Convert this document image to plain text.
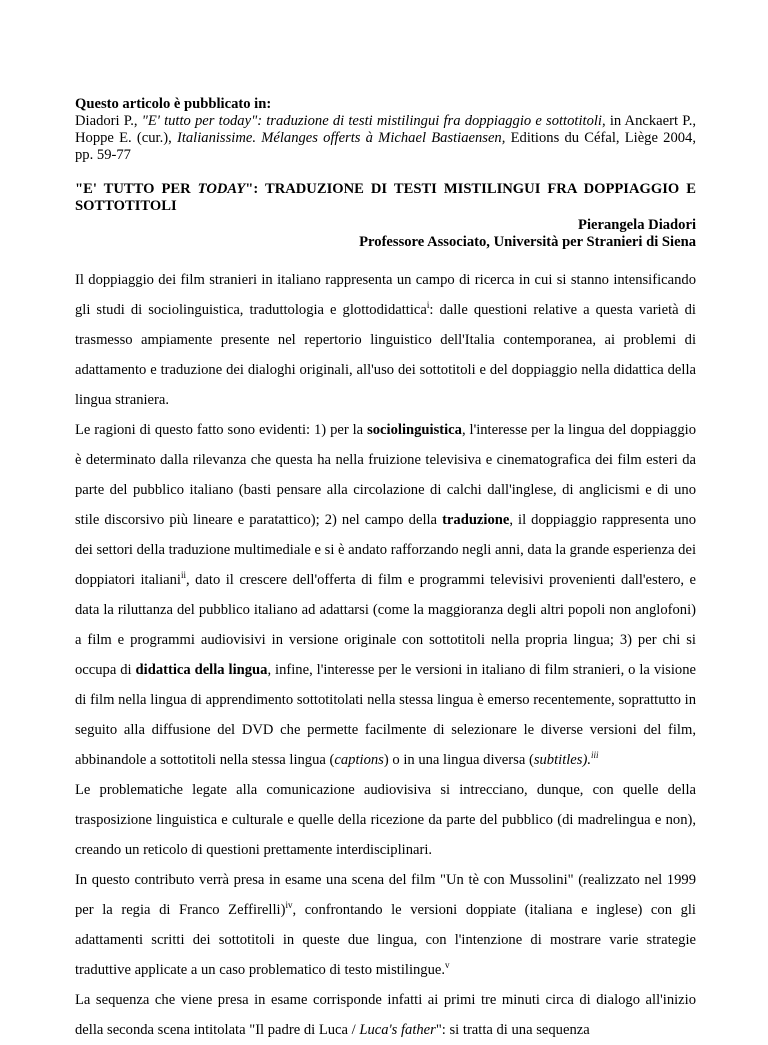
Questo articolo è pubblicato in:

Diadori P., "E' tutto per today": traduzione di testi mistilingui fra doppiaggio e sottotitoli, in Anckaert P., Hoppe E. (cur.), Italianissime. Mélanges offerts à Michael Bastiaensen, Editions du Céfal, Liège 2004, pp. 59-77

"E' TUTTO PER TODAY": TRADUZIONE DI TESTI MISTILINGUI FRA DOPPIAGGIO E SOTTOTITOLI
Pierangela Diadori
Professore Associato, Università per Stranieri di Siena

Il doppiaggio dei film stranieri in italiano rappresenta un campo di ricerca in cui si stanno intensificando gli studi di sociolinguistica, traduttologia e glottodidattica$^i$: dalle questioni relative a questa varietà di trasmesso ampiamente presente nel repertorio linguistico dell'Italia contemporanea, ai problemi di adattamento e traduzione dei dialoghi originali, all'uso dei sottotitoli e del doppiaggio nella didattica della lingua straniera.

Le ragioni di questo fatto sono evidenti: 1) per la sociolinguistica, l'interesse per la lingua del doppiaggio è determinato dalla rilevanza che questa ha nella fruizione televisiva e cinematografica dei film esteri da parte del pubblico italiano (basti pensare alla circolazione di calchi dall'inglese, di anglicismi e di uno stile discorsivo più lineare e paratattico); 2) nel campo della traduzione, il doppiaggio rappresenta uno dei settori della traduzione multimediale e si è andato rafforzando negli anni, data la grande esperienza dei doppiatori italiani$^{ii}$, dato il crescere dell'offerta di film e programmi televisivi provenienti dall'estero, e data la riluttanza del pubblico italiano ad adattarsi (come la maggioranza degli altri popoli non anglofoni) a film e programmi audiovisivi in versione originale con sottotitoli nella propria lingua; 3) per chi si occupa di didattica della lingua, infine, l'interesse per le versioni in italiano di film stranieri, o la visione di film nella lingua di apprendimento sottotitolati nella stessa lingua è emerso recentemente, soprattutto in seguito alla diffusione del DVD che permette facilmente di selezionare le diverse versioni del film, abbinandole a sottotitoli nella stessa lingua (captions) o in una lingua diversa (subtitles).$^{iii}$

Le problematiche legate alla comunicazione audiovisiva si intrecciano, dunque, con quelle della trasposizione linguistica e culturale e quelle della ricezione da parte del pubblico (di madrelingua e non), creando un reticolo di questioni prettamente interdisciplinari.

In questo contributo verrà presa in esame una scena del film "Un tè con Mussolini" (realizzato nel 1999 per la regia di Franco Zeffirelli)$^{iv}$, confrontando le versioni doppiate (italiana e inglese) con gli adattamenti scritti dei sottotitoli in queste due lingua, con l'intenzione di mostrare varie strategie traduttive applicate a un caso problematico di testo mistilingue.$^v$

La sequenza che viene presa in esame corrisponde infatti ai primi tre minuti circa di dialogo all'inizio della seconda scena intitolata "Il padre di Luca / Luca's father": si tratta di una sequenza
